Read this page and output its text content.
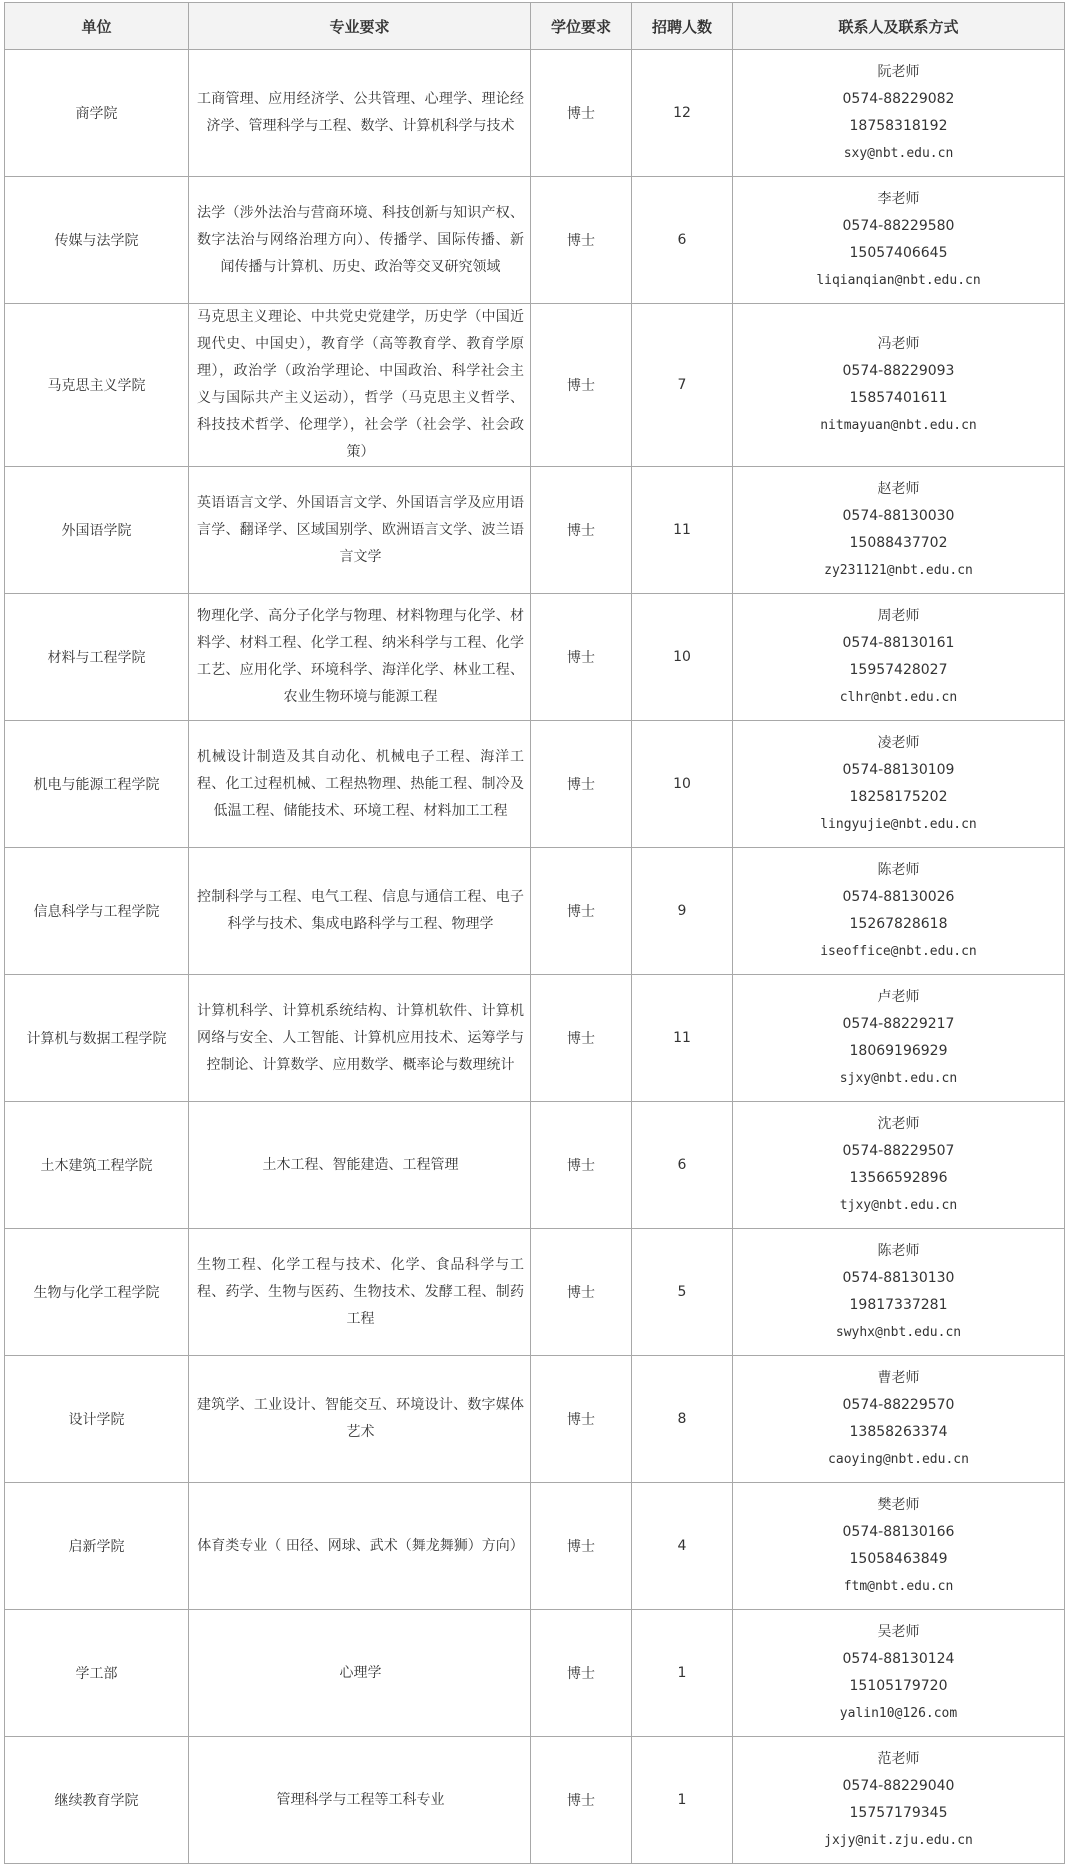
单位	专业要求	学位要求	招聘人数	联系人及联系方式
商学院	工商管理、应用经济学、公共管理、心理学、理论经济学、管理科学与工程、数学、计算机科学与技术	博士	12	阮老师
0574-88229082
18758318192
sxy@nbt.edu.cn

传媒与法学院	法学（涉外法治与营商环境、科技创新与知识产权、数字法治与网络治理方向）、传播学、国际传播、新闻传播与计算机、历史、政治等交叉研究领域	博士	6	李老师
0574-88229580
15057406645
liqianqian@nbt.edu.cn

马克思主义学院	马克思主义理论、中共党史党建学，历史学（中国近现代史、中国史），教育学（高等教育学、教育学原理），政治学（政治学理论、中国政治、科学社会主义与国际共产主义运动），哲学（马克思主义哲学、科技技术哲学、伦理学），社会学（社会学、社会政策）	博士	7	冯老师
0574-88229093
15857401611
nitmayuan@nbt.edu.cn

外国语学院	英语语言文学、外国语言文学、外国语言学及应用语言学、翻译学、区域国别学、欧洲语言文学、波兰语言文学	博士	11	赵老师
0574-88130030
15088437702
zy231121@nbt.edu.cn

材料与工程学院	物理化学、高分子化学与物理、材料物理与化学、材料学、材料工程、化学工程、纳米科学与工程、化学工艺、应用化学、环境科学、海洋化学、林业工程、农业生物环境与能源工程	博士	10	周老师
0574-88130161
15957428027
clhr@nbt.edu.cn

机电与能源工程学院	机械设计制造及其自动化、机械电子工程、海洋工程、化工过程机械、工程热物理、热能工程、制冷及低温工程、储能技术、环境工程、材料加工工程	博士	10	凌老师
0574-88130109
18258175202
lingyujie@nbt.edu.cn

信息科学与工程学院	控制科学与工程、电气工程、信息与通信工程、电子科学与技术、集成电路科学与工程、物理学	博士	9	陈老师
0574-88130026
15267828618
iseoffice@nbt.edu.cn

计算机与数据工程学院	计算机科学、计算机系统结构、计算机软件、计算机网络与安全、人工智能、计算机应用技术、运筹学与控制论、计算数学、应用数学、概率论与数理统计	博士	11	卢老师
0574-88229217
18069196929
sjxy@nbt.edu.cn

土木建筑工程学院	土木工程、智能建造、工程管理	博士	6	沈老师
0574-88229507
13566592896
tjxy@nbt.edu.cn

生物与化学工程学院	生物工程、化学工程与技术、化学、食品科学与工程、药学、生物与医药、生物技术、发酵工程、制药工程	博士	5	陈老师
0574-88130130
19817337281
swyhx@nbt.edu.cn

设计学院	建筑学、工业设计、智能交互、环境设计、数字媒体艺术	博士	8	曹老师
0574-88229570
13858263374
caoying@nbt.edu.cn

启新学院	体育类专业（ 田径、网球、武术（舞龙舞狮）方向）	博士	4	樊老师
0574-88130166
15058463849
ftm@nbt.edu.cn

学工部	心理学	博士	1	吴老师
0574-88130124
15105179720
yalin10@126.com

继续教育学院	管理科学与工程等工科专业	博士	1	范老师
0574-88229040
15757179345
jxjy@nit.zju.edu.cn
